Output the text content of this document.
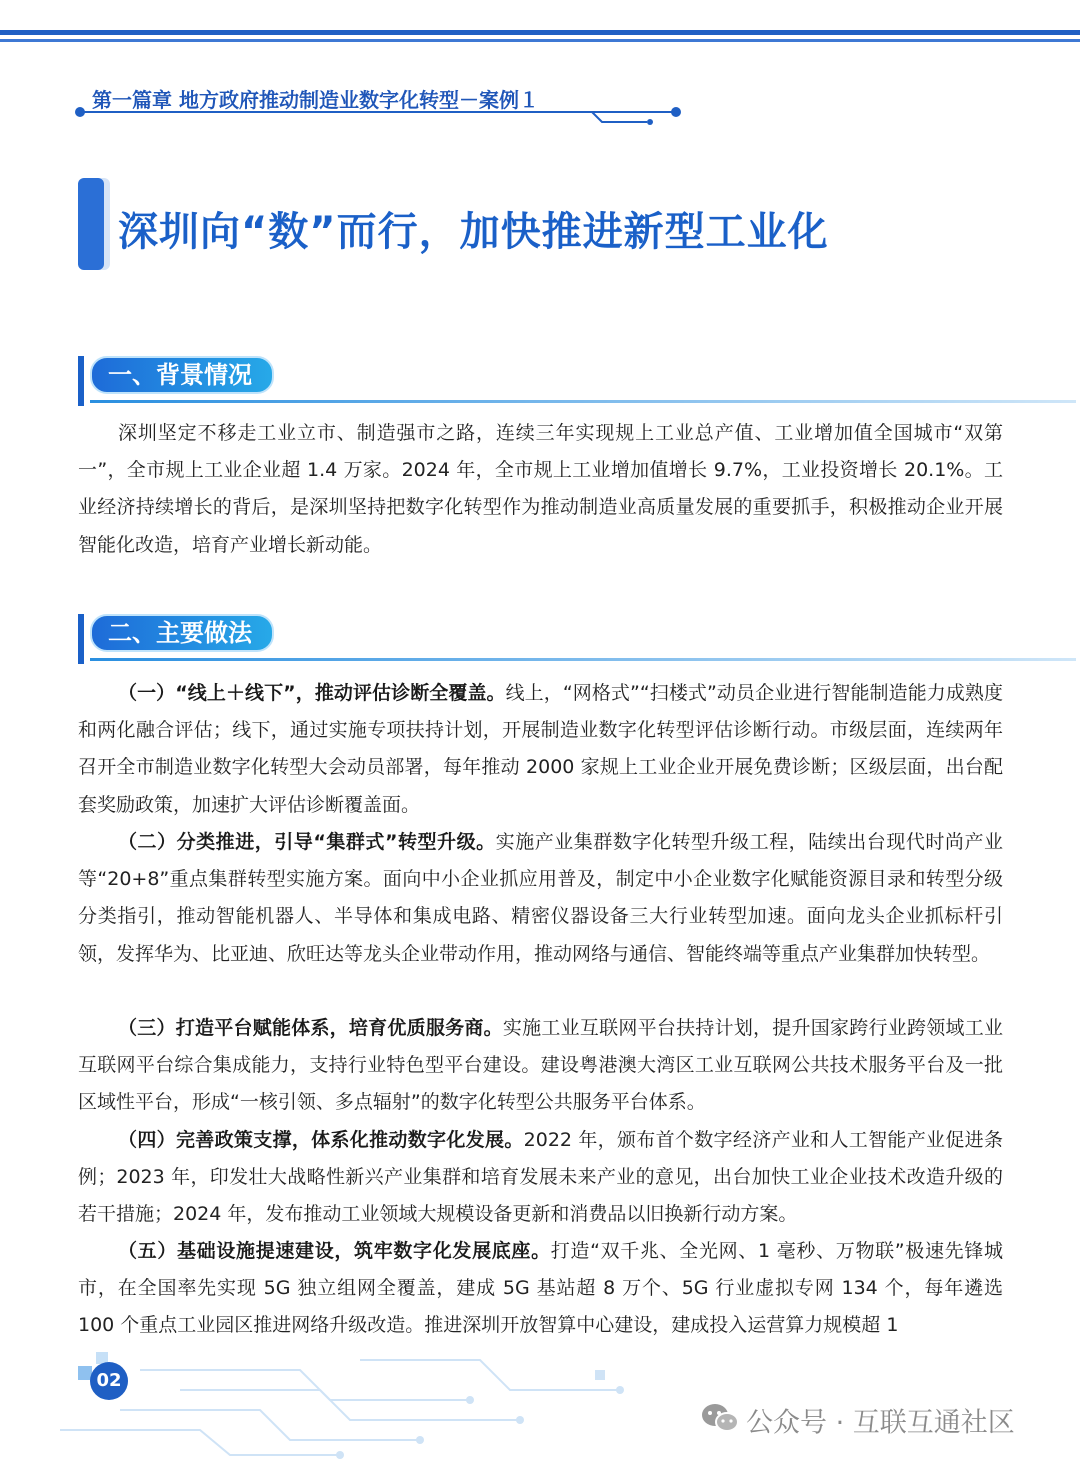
第一篇章 地方政府推动制造业数字化转型－案例１
深圳向“数”而行，加快推进新型工业化
一、背景情况

深圳坚定不移走工业立市、制造强市之路，连续三年实现规上工业总产值、工业增加值全国城市“双第一”，全市规上工业企业超 1.4 万家。2024 年，全市规上工业增加值增长 9.7%，工业投资增长 20.1%。工业经济持续增长的背后，是深圳坚持把数字化转型作为推动制造业高质量发展的重要抓手，积极推动企业开展智能化改造，培育产业增长新动能。

二、主要做法

（一）“线上＋线下”，推动评估诊断全覆盖。线上，“网格式”“扫楼式”动员企业进行智能制造能力成熟度和两化融合评估；线下，通过实施专项扶持计划，开展制造业数字化转型评估诊断行动。市级层面，连续两年召开全市制造业数字化转型大会动员部署，每年推动 2000 家规上工业企业开展免费诊断；区级层面，出台配套奖励政策，加速扩大评估诊断覆盖面。

（二）分类推进，引导“集群式”转型升级。实施产业集群数字化转型升级工程，陆续出台现代时尚产业等“20+8”重点集群转型实施方案。面向中小企业抓应用普及，制定中小企业数字化赋能资源目录和转型分级分类指引，推动智能机器人、半导体和集成电路、精密仪器设备三大行业转型加速。面向龙头企业抓标杆引领，发挥华为、比亚迪、欣旺达等龙头企业带动作用，推动网络与通信、智能终端等重点产业集群加快转型。

（三）打造平台赋能体系，培育优质服务商。实施工业互联网平台扶持计划，提升国家跨行业跨领域工业互联网平台综合集成能力，支持行业特色型平台建设。建设粤港澳大湾区工业互联网公共技术服务平台及一批区域性平台，形成“一核引领、多点辐射”的数字化转型公共服务平台体系。

（四）完善政策支撑，体系化推动数字化发展。2022 年，颁布首个数字经济产业和人工智能产业促进条例；2023 年，印发壮大战略性新兴产业集群和培育发展未来产业的意见，出台加快工业企业技术改造升级的若干措施；2024 年，发布推动工业领域大规模设备更新和消费品以旧换新行动方案。

（五）基础设施提速建设，筑牢数字化发展底座。打造“双千兆、全光网、1 毫秒、万物联”极速先锋城市，在全国率先实现 5G 独立组网全覆盖，建成 5G 基站超 8 万个、5G 行业虚拟专网 134 个，每年遴选 100 个重点工业园区推进网络升级改造。推进深圳开放智算中心建设，建成投入运营算力规模超 1

02
公众号 · 互联互通社区
